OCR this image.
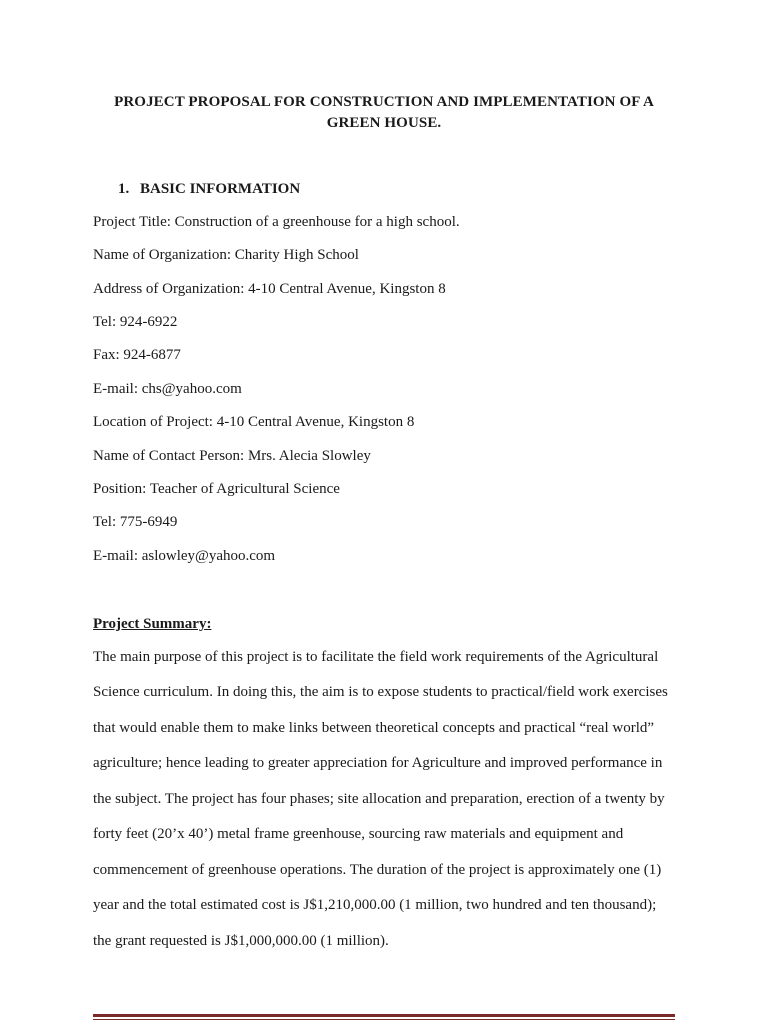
PROJECT PROPOSAL FOR CONSTRUCTION AND IMPLEMENTATION OF A
GREEN HOUSE.
1. BASIC INFORMATION
Project Title: Construction of a greenhouse for a high school.
Name of Organization: Charity High School
Address of Organization: 4-10 Central Avenue, Kingston 8
Tel: 924-6922
Fax: 924-6877
E-mail: chs@yahoo.com
Location of Project: 4-10 Central Avenue, Kingston 8
Name of Contact Person: Mrs. Alecia Slowley
Position: Teacher of Agricultural Science
Tel: 775-6949
E-mail: aslowley@yahoo.com
Project Summary:
The main purpose of this project is to facilitate the field work requirements of the Agricultural
Science curriculum. In doing this, the aim is to expose students to practical/field work exercises
that would enable them to make links between theoretical concepts and practical “real world”
agriculture; hence leading to greater appreciation for Agriculture and improved performance in
the subject. The project has four phases; site allocation and preparation, erection of a twenty by
forty feet (20’x 40’) metal frame greenhouse, sourcing raw materials and equipment and
commencement of greenhouse operations. The duration of the project is approximately one (1)
year and the total estimated cost is J$1,210,000.00 (1 million, two hundred and ten thousand);
the grant requested is J$1,000,000.00 (1 million).
